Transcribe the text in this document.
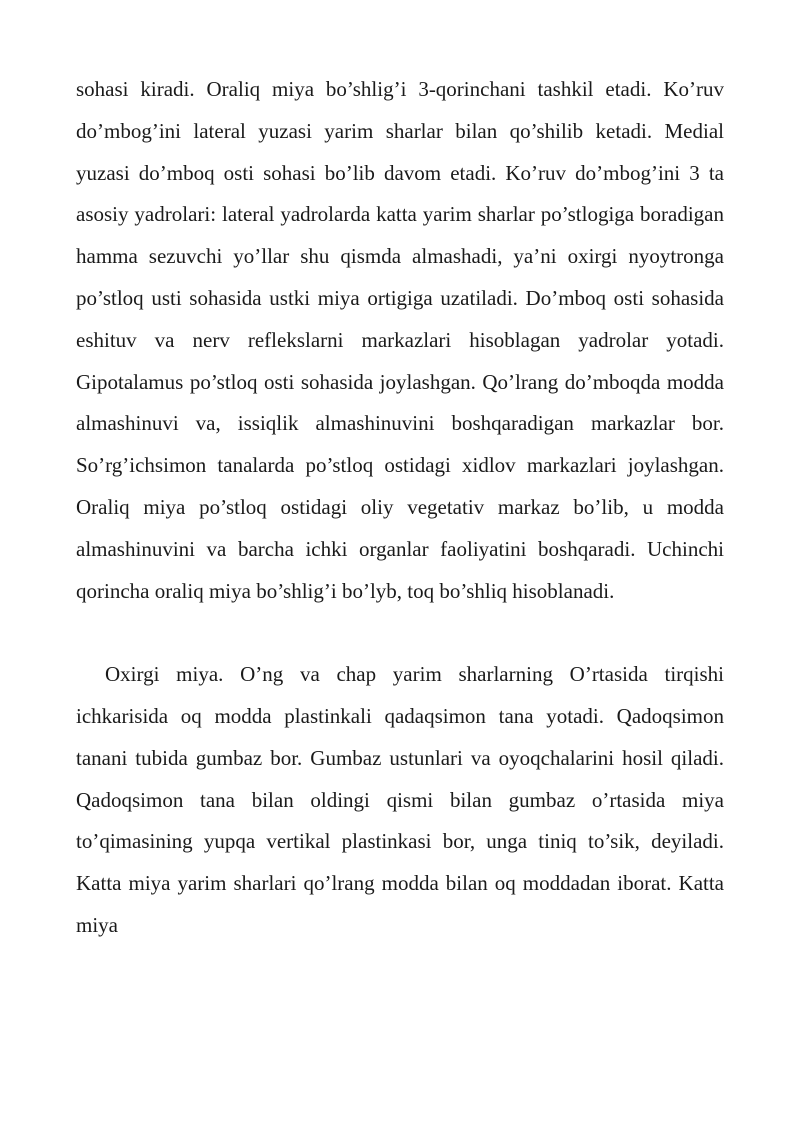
sohasi kiradi. Oraliq miya bo’shlig’i 3-qorinchani tashkil etadi. Ko’ruv do’mbog’ini lateral yuzasi yarim sharlar bilan qo’shilib ketadi. Medial yuzasi do’mboq osti sohasi bo’lib davom etadi. Ko’ruv do’mbog’ini 3 ta asosiy yadrolari: lateral yadrolarda katta yarim sharlar po’stlogiga boradigan hamma sezuvchi yo’llar shu qismda almashadi, ya’ni oxirgi nyoytronga po’stloq usti sohasida ustki miya ortigiga uzatiladi. Do’mboq osti sohasida eshituv va nerv reflekslarni markazlari hisoblagan yadrolar yotadi. Gipotalamus po’stloq osti sohasida joylashgan. Qo’lrang do’mboqda modda almashinuvi va, issiqlik almashinuvini boshqaradigan markazlar bor. So’rg’ichsimon tanalarda po’stloq ostidagi xidlov markazlari joylashgan. Oraliq miya po’stloq ostidagi oliy vegetativ markaz bo’lib, u modda almashinuvini va barcha ichki organlar faoliyatini boshqaradi. Uchinchi qorincha oraliq miya bo’shlig’i bo’lyb, toq bo’shliq hisoblanadi.

Oxirgi miya. O’ng va chap yarim sharlarning O’rtasida tirqishi ichkarisida oq modda plastinkali qadaqsimon tana yotadi. Qadoqsimon tanani tubida gumbaz bor. Gumbaz ustunlari va oyoqchalarini hosil qiladi. Qadoqsimon tana bilan oldingi qismi bilan gumbaz o’rtasida miya to’qimasining yupqa vertikal plastinkasi bor, unga tiniq to’sik, deyiladi. Katta miya yarim sharlari qo’lrang modda bilan oq moddadan iborat. Katta miya
